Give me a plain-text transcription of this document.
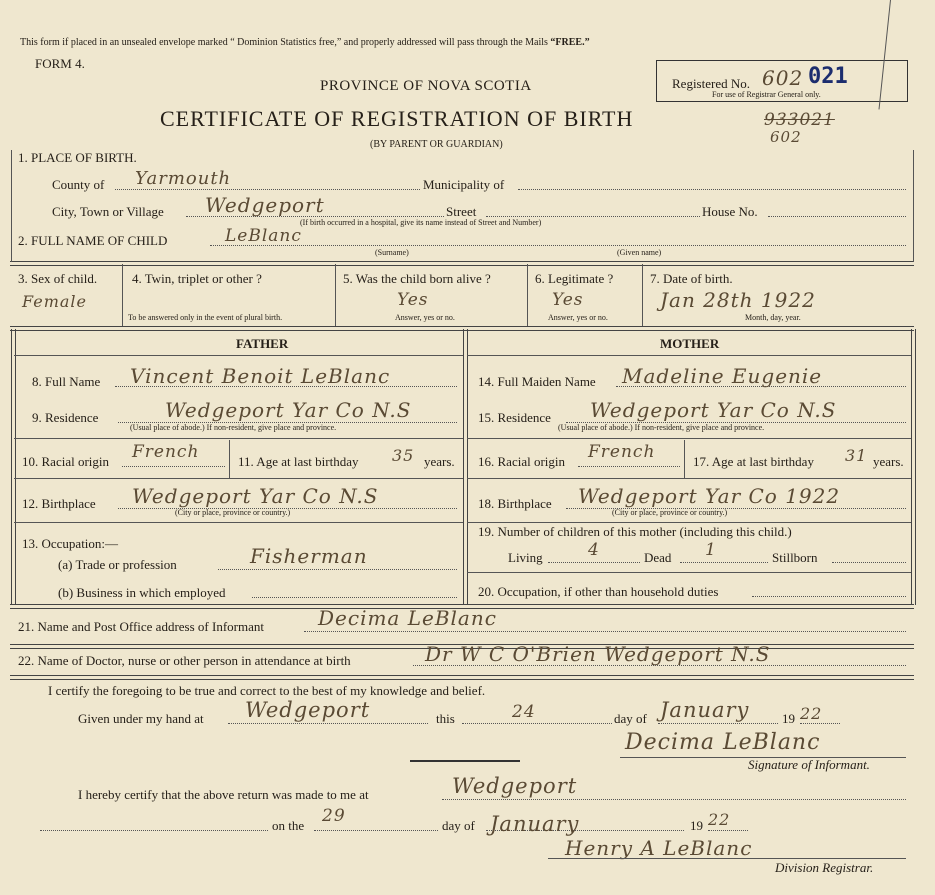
This form if placed in an unsealed envelope marked “ Dominion Statistics free,” and properly addressed will pass through the Mails “FREE.”
FORM 4.
Registered No. 602 021
For use of Registrar General only.
PROVINCE OF NOVA SCOTIA
CERTIFICATE OF REGISTRATION OF BIRTH
(BY PARENT OR GUARDIAN)
933021
602
1. PLACE OF BIRTH.
County of Yarmouth	Municipality of
City, Town or Village Wedgeport	Street	House No.
(If birth occurred in a hospital, give its name instead of Street and Number)
2. FULL NAME OF CHILD	LeBlanc
(Surname)	(Given name)
3. Sex of child.
Female
4. Twin, triplet or other ?
To be answered only in the event of plural birth.
5. Was the child born alive ?
Yes
Answer, yes or no.
6. Legitimate ?
Yes
Answer, yes or no.
7. Date of birth.
Jan 28th 1922
Month, day, year.
FATHER	MOTHER
8. Full Name Vincent Benoit LeBlanc
9. Residence	Wedgeport Yar Co N.S
(Usual place of abode.) If non-resident, give place and province.
10. Racial origin French	11. Age at last birthday 35 years.
12. Birthplace Wedgeport Yar Co N.S
(City or place, province or country.)
13. Occupation:—
(a) Trade or profession	Fisherman
(b) Business in which employed
14. Full Maiden Name Madeline Eugenie
15. Residence Wedgeport Yar Co N.S
(Usual place of abode.) If non-resident, give place and province.
16. Racial origin French	17. Age at last birthday 31 years.
18. Birthplace Wedgeport Yar Co 1922
(City or place, province or country.)
19. Number of children of this mother (including this child.)
Living	4	Dead 1	Stillborn
20. Occupation, if other than household duties
21. Name and Post Office address of Informant	Decima LeBlanc
22. Name of Doctor, nurse or other person in attendance at birth	Dr W C O'Brien Wedgeport N.S
I certify the foregoing to be true and correct to the best of my knowledge and belief.
Given under my hand at Wedgeport	this	24	day of January	19 22
Decima LeBlanc
Signature of Informant.
I hereby certify that the above return was made to me at	Wedgeport
on the 29	day of January	19 22
Henry A LeBlanc
Division Registrar.
